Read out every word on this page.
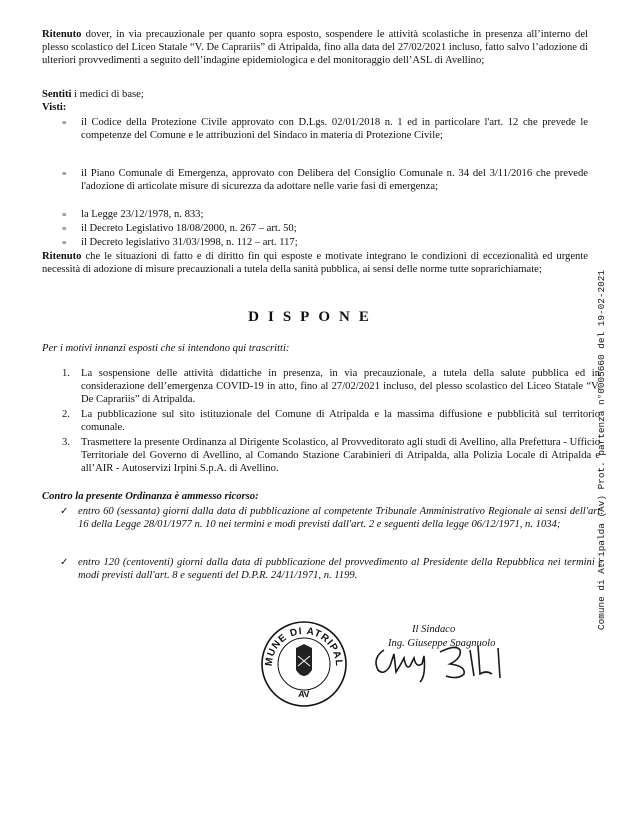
Ritenuto dover, in via precauzionale per quanto sopra esposto, sospendere le attività scolastiche in presenza all’interno del plesso scolastico del Liceo Statale “V. De Caprariis” di Atripalda, fino alla data del 27/02/2021 incluso, fatto salvo l’adozione di ulteriori provvedimenti a seguito dell’indagine epidemiologica e del monitoraggio dell’ASL di Avellino;
Sentiti i medici di base;
Visti:
≡ il Codice della Protezione Civile approvato con D.Lgs. 02/01/2018 n. 1 ed in particolare l'art. 12 che prevede le competenze del Comune e le attribuzioni del Sindaco in materia di Protezione Civile;
≡ il Piano Comunale di Emergenza, approvato con Delibera del Consiglio Comunale n. 34 del 3/11/2016 che prevede l'adozione di articolate misure di sicurezza da adottare nelle varie fasi di emergenza;
≡ la Legge 23/12/1978, n. 833;
≡ il Decreto Legislativo 18/08/2000, n. 267 – art. 50;
≡ il Decreto legislativo 31/03/1998, n. 112 – art. 117;
Ritenuto che le situazioni di fatto e di diritto fin qui esposte e motivate integrano le condizioni di eccezionalità ed urgente necessità di adozione di misure precauzionali a tutela della sanità pubblica, ai sensi delle norme tutte soprarichiamate;
DISPONE
Per i motivi innanzi esposti che si intendono qui trascritti:
1. La sospensione delle attività didattiche in presenza, in via precauzionale, a tutela della salute pubblica ed in considerazione dell’emergenza COVID-19 in atto, fino al 27/02/2021 incluso, del plesso scolastico del Liceo Statale “V. De Caprariis” di Atripalda.
2. La pubblicazione sul sito istituzionale del Comune di Atripalda e la massima diffusione e pubblicità sul territorio comunale.
3. Trasmettere la presente Ordinanza al Dirigente Scolastico, al Provveditorato agli studi di Avellino, alla Prefettura - Ufficio Territoriale del Governo di Avellino, al Comando Stazione Carabinieri di Atripalda, alla Polizia Locale di Atripalda e all’AIR - Autoservizi Irpini S.p.A. di Avellino.
Contro la presente Ordinanza è ammesso ricorso:
✓ entro 60 (sessanta) giorni dalla data di pubblicazione al competente Tribunale Amministrativo Regionale ai sensi dell'art. 16 della Legge 28/01/1977 n. 10 nei termini e modi previsti dall'art. 2 e seguenti della legge 06/12/1971, n. 1034;
✓ entro 120 (centoventi) giorni dalla data di pubblicazione del provvedimento al Presidente della Repubblica nei termini e modi previsti dall'art. 8 e seguenti del D.P.R. 24/11/1971, n. 1199.
MUNE DI ATRIPAL
AV
Il Sindaco
Ing. Giuseppe Spagnuolo
Comune di Atripalda (Av) Prot. partenza n°0005660 del 19-02-2021
